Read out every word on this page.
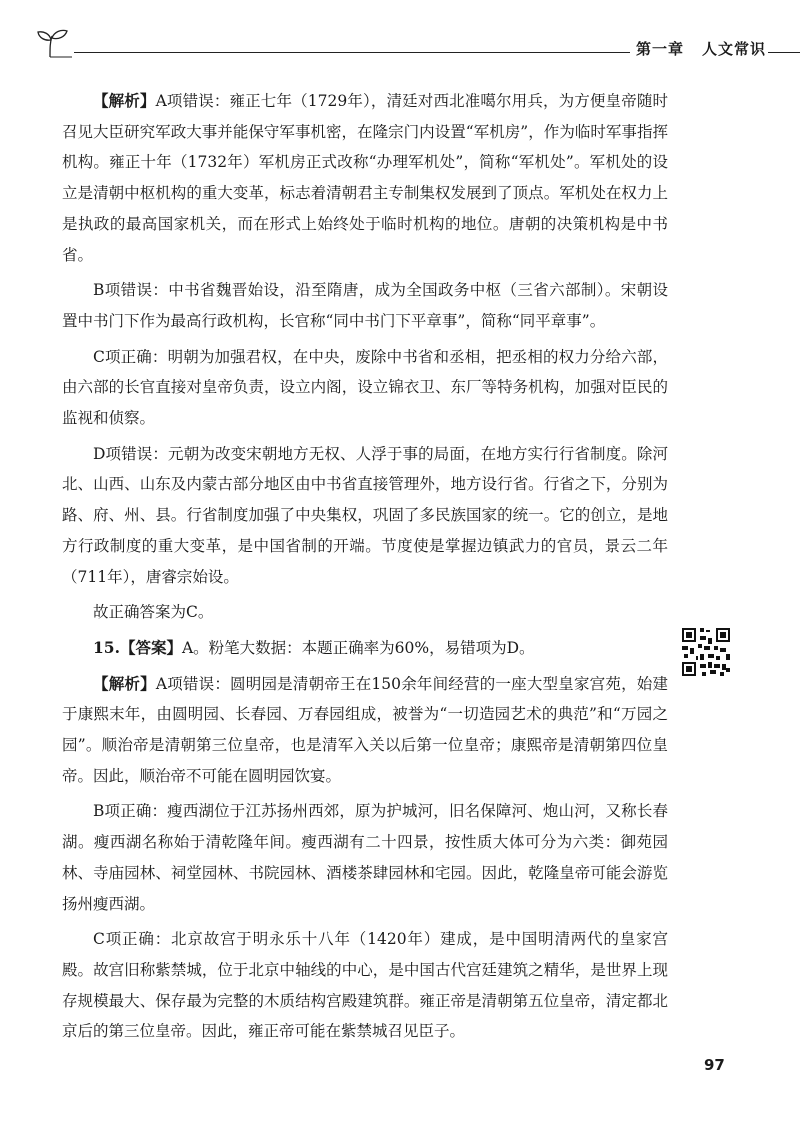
第一章 人文常识

【解析】A项错误：雍正七年（1729年），清廷对西北准噶尔用兵，为方便皇帝随时召见大臣研究军政大事并能保守军事机密，在隆宗门内设置“军机房”，作为临时军事指挥机构。雍正十年（1732年）军机房正式改称“办理军机处”，简称“军机处”。军机处的设立是清朝中枢机构的重大变革，标志着清朝君主专制集权发展到了顶点。军机处在权力上是执政的最高国家机关，而在形式上始终处于临时机构的地位。唐朝的决策机构是中书省。

B项错误：中书省魏晋始设，沿至隋唐，成为全国政务中枢（三省六部制）。宋朝设置中书门下作为最高行政机构，长官称“同中书门下平章事”，简称“同平章事”。

C项正确：明朝为加强君权，在中央，废除中书省和丞相，把丞相的权力分给六部，由六部的长官直接对皇帝负责，设立内阁，设立锦衣卫、东厂等特务机构，加强对臣民的监视和侦察。

D项错误：元朝为改变宋朝地方无权、人浮于事的局面，在地方实行行省制度。除河北、山西、山东及内蒙古部分地区由中书省直接管理外，地方设行省。行省之下，分别为路、府、州、县。行省制度加强了中央集权，巩固了多民族国家的统一。它的创立，是地方行政制度的重大变革，是中国省制的开端。节度使是掌握边镇武力的官员，景云二年（711年），唐睿宗始设。

故正确答案为C。

15.【答案】A。粉笔大数据：本题正确率为60%，易错项为D。

【解析】A项错误：圆明园是清朝帝王在150余年间经营的一座大型皇家宫苑，始建于康熙末年，由圆明园、长春园、万春园组成，被誉为“一切造园艺术的典范”和“万园之园”。顺治帝是清朝第三位皇帝，也是清军入关以后第一位皇帝；康熙帝是清朝第四位皇帝。因此，顺治帝不可能在圆明园饮宴。

B项正确：瘦西湖位于江苏扬州西郊，原为护城河，旧名保障河、炮山河，又称长春湖。瘦西湖名称始于清乾隆年间。瘦西湖有二十四景，按性质大体可分为六类：御苑园林、寺庙园林、祠堂园林、书院园林、酒楼茶肆园林和宅园。因此，乾隆皇帝可能会游览扬州瘦西湖。

C项正确：北京故宫于明永乐十八年（1420年）建成，是中国明清两代的皇家宫殿。故宫旧称紫禁城，位于北京中轴线的中心，是中国古代宫廷建筑之精华，是世界上现存规模最大、保存最为完整的木质结构宫殿建筑群。雍正帝是清朝第五位皇帝，清定都北京后的第三位皇帝。因此，雍正帝可能在紫禁城召见臣子。

97
